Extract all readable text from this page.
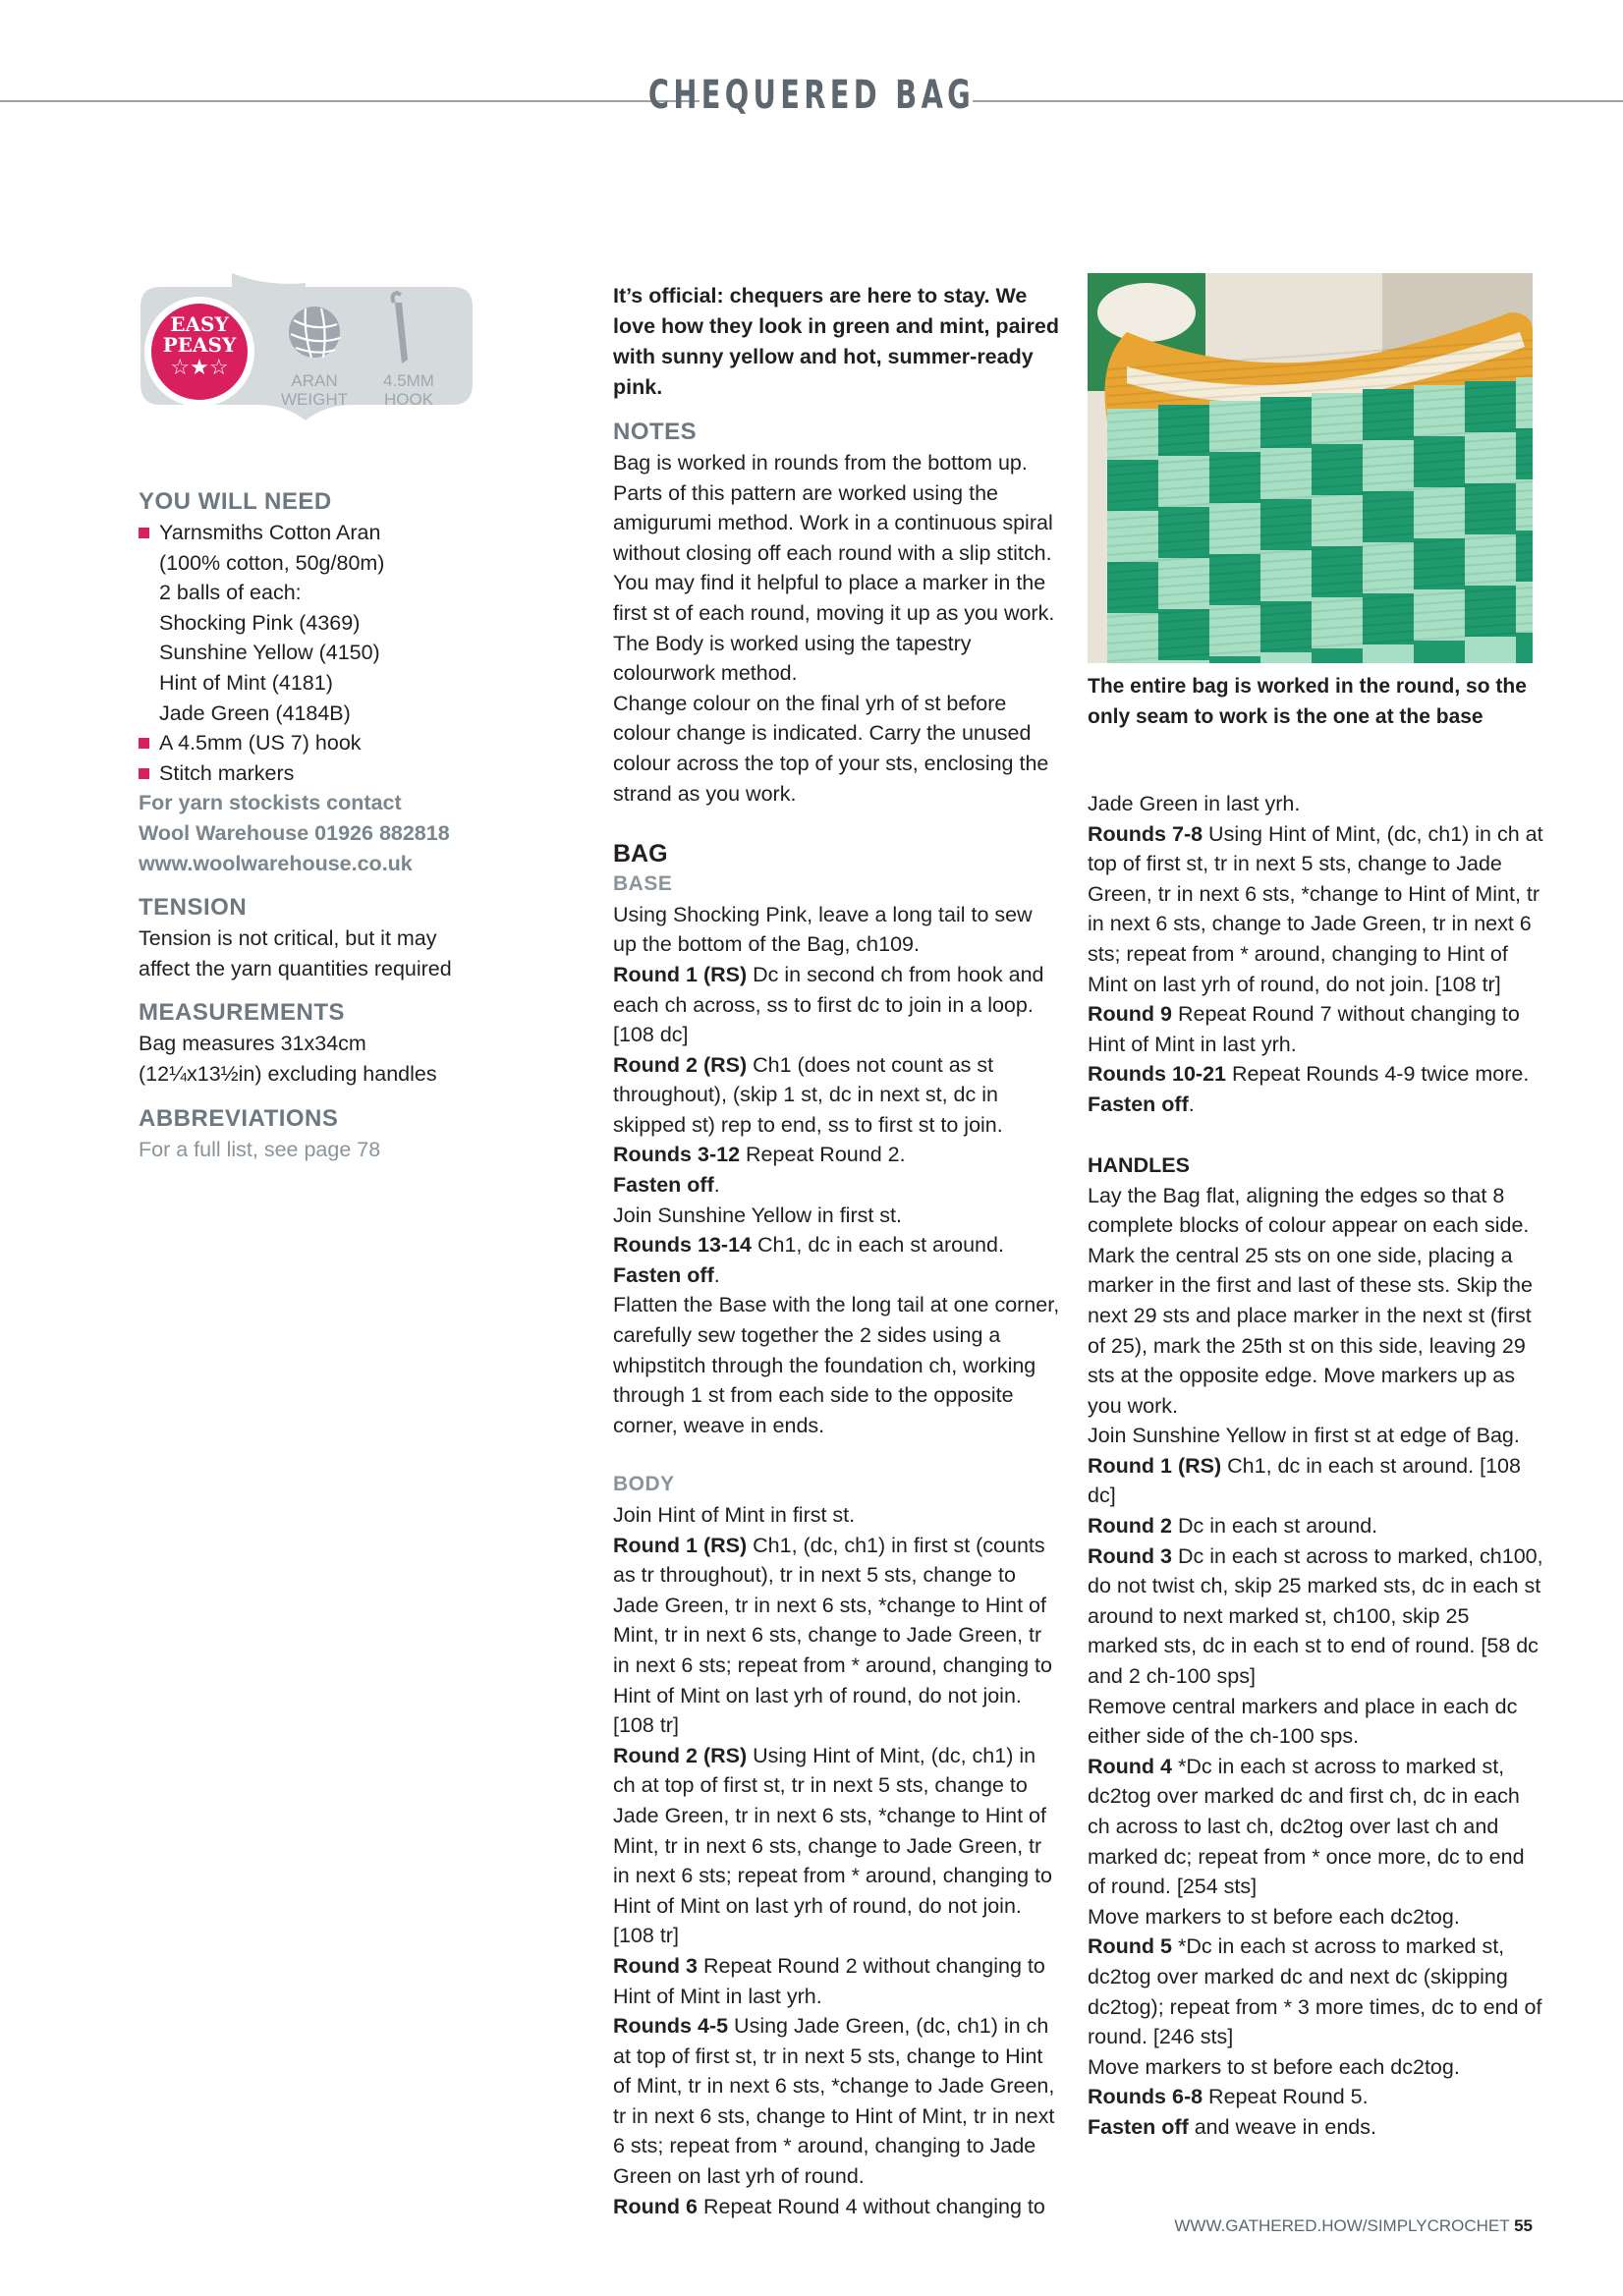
CHEQUERED BAG
EASY
PEASY
☆★☆
ARAN
WEIGHT
4.5MM
HOOK

YOU WILL NEED

Yarnsmiths Cotton Aran

(100% cotton, 50g/80m)

2 balls of each:

Shocking Pink (4369)

Sunshine Yellow (4150)

Hint of Mint (4181)

Jade Green (4184B)

A 4.5mm (US 7) hook

Stitch markers

For yarn stockists contact

Wool Warehouse 01926 882818

www.woolwarehouse.co.uk

TENSION

Tension is not critical, but it may affect the yarn quantities required

MEASUREMENTS

Bag measures 31x34cm (12¼x13½in) excluding handles

ABBREVIATIONS

For a full list, see page 78

It’s official: chequers are here to stay. We love how they look in green and mint, paired with sunny yellow and hot, summer-ready pink.

NOTES

Bag is worked in rounds from the bottom up. Parts of this pattern are worked using the amigurumi method. Work in a continuous spiral without closing off each round with a slip stitch. You may find it helpful to place a marker in the first st of each round, moving it up as you work.

The Body is worked using the tapestry colourwork method.

Change colour on the final yrh of st before colour change is indicated. Carry the unused colour across the top of your sts, enclosing the strand as you work.

BAG

BASE

Using Shocking Pink, leave a long tail to sew up the bottom of the Bag, ch109.

Round 1 (RS) Dc in second ch from hook and each ch across, ss to first dc to join in a loop. [108 dc]

Round 2 (RS) Ch1 (does not count as st throughout), (skip 1 st, dc in next st, dc in skipped st) rep to end, ss to first st to join.

Rounds 3-12 Repeat Round 2.

Fasten off.

Join Sunshine Yellow in first st.

Rounds 13-14 Ch1, dc in each st around.

Fasten off.

Flatten the Base with the long tail at one corner, carefully sew together the 2 sides using a whipstitch through the foundation ch, working through 1 st from each side to the opposite corner, weave in ends.

BODY

Join Hint of Mint in first st.

Round 1 (RS) Ch1, (dc, ch1) in first st (counts as tr throughout), tr in next 5 sts, change to Jade Green, tr in next 6 sts, *change to Hint of Mint, tr in next 6 sts, change to Jade Green, tr in next 6 sts; repeat from * around, changing to Hint of Mint on last yrh of round, do not join. [108 tr]

Round 2 (RS) Using Hint of Mint, (dc, ch1) in ch at top of first st, tr in next 5 sts, change to Jade Green, tr in next 6 sts, *change to Hint of Mint, tr in next 6 sts, change to Jade Green, tr in next 6 sts; repeat from * around, changing to Hint of Mint on last yrh of round, do not join. [108 tr]

Round 3 Repeat Round 2 without changing to Hint of Mint in last yrh.

Rounds 4-5 Using Jade Green, (dc, ch1) in ch at top of first st, tr in next 5 sts, change to Hint of Mint, tr in next 6 sts, *change to Jade Green, tr in next 6 sts, change to Hint of Mint, tr in next 6 sts; repeat from * around, changing to Jade Green on last yrh of round.

Round 6 Repeat Round 4 without changing to

The entire bag is worked in the round, so the only seam to work is the one at the base

Jade Green in last yrh.

Rounds 7-8 Using Hint of Mint, (dc, ch1) in ch at top of first st, tr in next 5 sts, change to Jade Green, tr in next 6 sts, *change to Hint of Mint, tr in next 6 sts, change to Jade Green, tr in next 6 sts; repeat from * around, changing to Hint of Mint on last yrh of round, do not join. [108 tr]

Round 9 Repeat Round 7 without changing to Hint of Mint in last yrh.

Rounds 10-21 Repeat Rounds 4-9 twice more.

Fasten off.

HANDLES

Lay the Bag flat, aligning the edges so that 8 complete blocks of colour appear on each side. Mark the central 25 sts on one side, placing a marker in the first and last of these sts. Skip the next 29 sts and place marker in the next st (first of 25), mark the 25th st on this side, leaving 29 sts at the opposite edge. Move markers up as you work.

Join Sunshine Yellow in first st at edge of Bag.

Round 1 (RS) Ch1, dc in each st around. [108 dc]

Round 2 Dc in each st around.

Round 3 Dc in each st across to marked, ch100, do not twist ch, skip 25 marked sts, dc in each st around to next marked st, ch100, skip 25 marked sts, dc in each st to end of round. [58 dc and 2 ch-100 sps]

Remove central markers and place in each dc either side of the ch-100 sps.

Round 4 *Dc in each st across to marked st, dc2tog over marked dc and first ch, dc in each ch across to last ch, dc2tog over last ch and marked dc; repeat from * once more, dc to end of round. [254 sts]

Move markers to st before each dc2tog.

Round 5 *Dc in each st across to marked st, dc2tog over marked dc and next dc (skipping dc2tog); repeat from * 3 more times, dc to end of round. [246 sts]

Move markers to st before each dc2tog.

Rounds 6-8 Repeat Round 5.

Fasten off and weave in ends.

WWW.GATHERED.HOW/SIMPLYCROCHET 55
